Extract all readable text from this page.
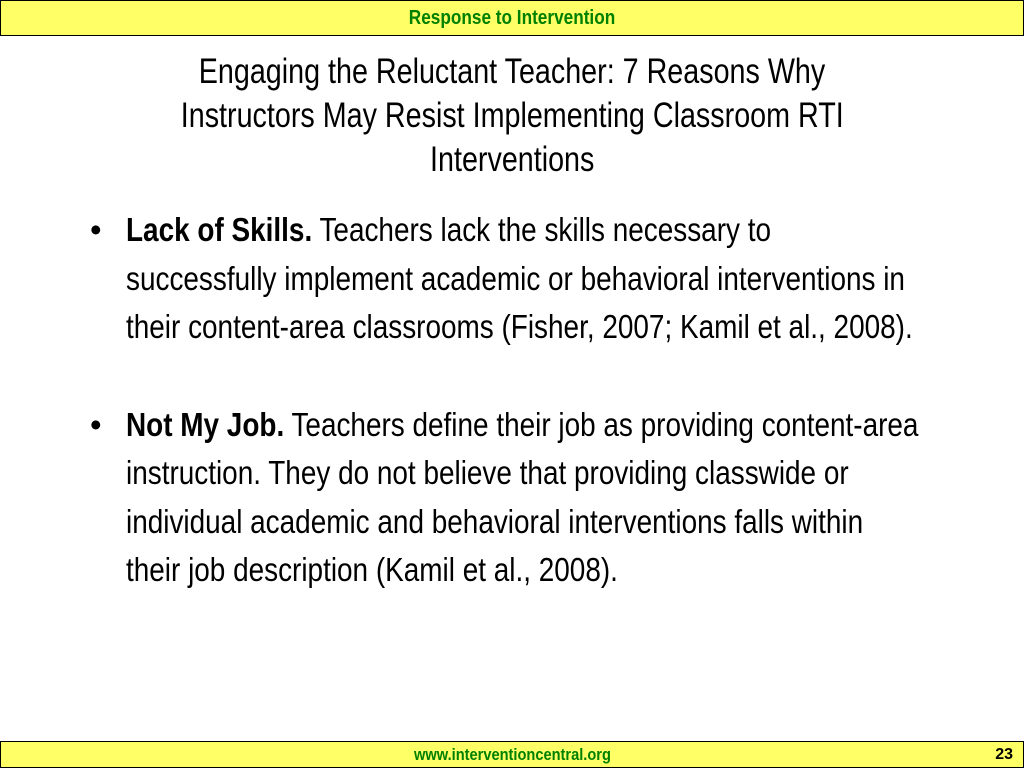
Response to Intervention
Engaging the Reluctant Teacher: 7 Reasons Why
Instructors May Resist Implementing Classroom RTI
Interventions
• Lack of Skills. Teachers lack the skills necessary to successfully implement academic or behavioral interventions in their content-area classrooms (Fisher, 2007; Kamil et al., 2008).
• Not My Job. Teachers define their job as providing content-area instruction. They do not believe that providing classwide or individual academic and behavioral interventions falls within their job description (Kamil et al., 2008).
www.interventioncentral.org	23
